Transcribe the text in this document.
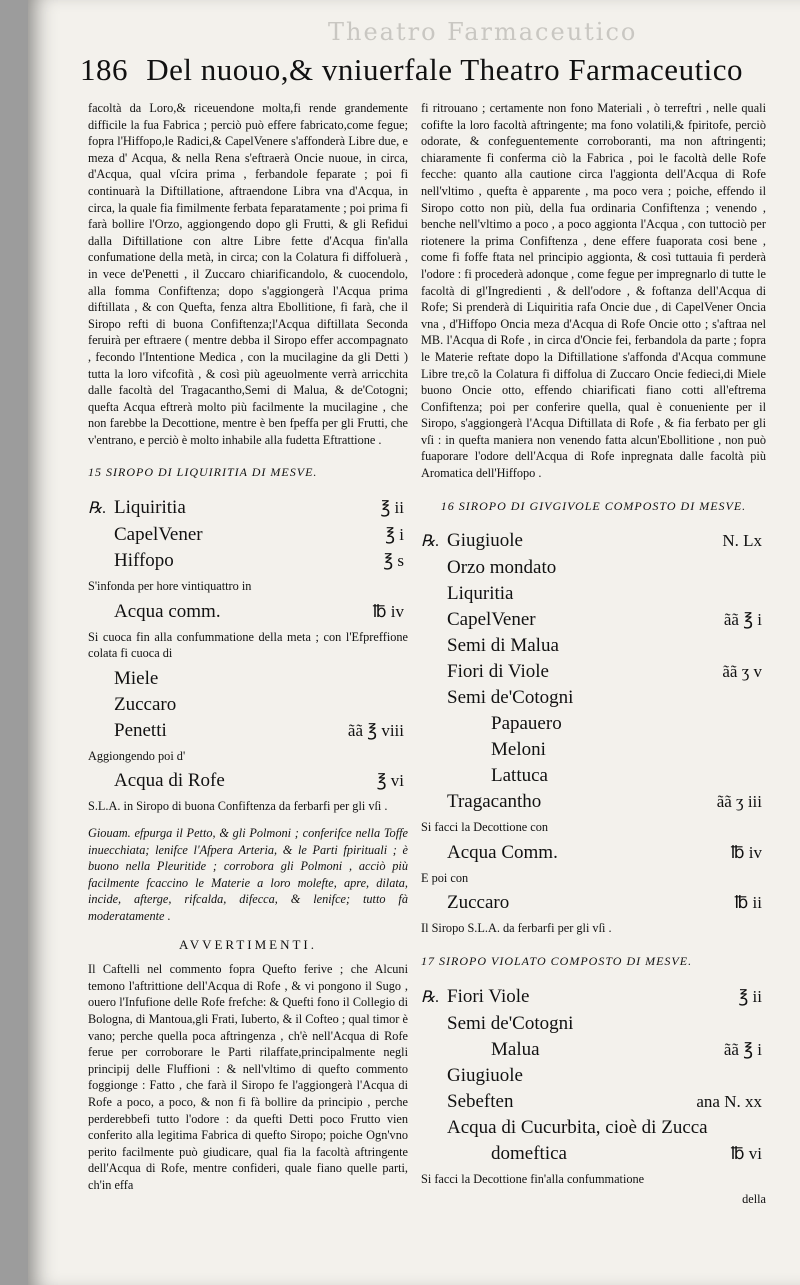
Theatro Farmaceutico
186 Del nuouo,& vniuerfale Theatro Farmaceutico

facoltà da Loro,& riceuendone molta,fi rende grandemente difficile la fua Fabrica ; perciò può effere fabricato,come fegue; fopra l'Hiffopo,le Radici,& CapelVenere s'affonderà Libre due, e meza d' Acqua, & nella Rena s'eftraerà Oncie nuoue, in circa, d'Acqua, qual vſcira prima , ferbandole feparate ; poi fi continuarà la Diftillatione, aftraendone Libra vna d'Acqua, in circa, la quale fia fimilmente ferbata feparatamente ; poi prima fi farà bollire l'Orzo, aggiongendo dopo gli Frutti, & gli Refidui dalla Diftillatione con altre Libre fette d'Acqua fin'alla confumatione della metà, in circa; con la Colatura fi diffoluerà , in vece de'Penetti , il Zuccaro chiarificandolo, & cuocendolo, alla fomma Confiftenza; dopo s'aggiongerà l'Acqua prima diftillata , & con Quefta, fenza altra Ebollitione, fi farà, che il Siropo refti di buona Confiftenza;l'Acqua diftillata Seconda feruirà per eftraere ( mentre debba il Siropo effer accompagnato , fecondo l'Intentione Medica , con la mucilagine da gli Detti ) tutta la loro vifcofità , & così più ageuolmente verrà arricchita dalle facoltà del Tragacantho,Semi di Malua, & de'Cotogni; quefta Acqua eftrerà molto più facilmente la mucilagine , che non farebbe la Decottione, mentre è ben fpeffa per gli Frutti, che v'entrano, e perciò è molto inhabile alla fudetta Eftrattione .

15 SIROPO DI LIQUIRITIA DI MESVE.
℞. Liquiritia	℥ ii
CapelVener	℥ i
Hiffopo	℥ s
S'infonda per hore vintiquattro in
Acqua comm.	℔ iv
Si cuoca fin alla confummatione della meta ; con l'Efpreffione colata fi cuoca di
Miele
Zuccaro
Penetti	ãã ℥ viii
Aggiongendo poi d'
Acqua di Rofe	℥ vi
S.L.A. in Siropo di buona Confiftenza da ferbarfi per gli vſi .

Giouam. efpurga il Petto, & gli Polmoni ; conferifce nella Toffe inuecchiata; lenifce l'Afpera Arteria, & le Parti fpirituali ; è buono nella Pleuritide ; corrobora gli Polmoni , acciò più facilmente fcaccino le Materie a loro molefte, apre, dilata, incide, afterge, rifcalda, difecca, & lenifce; tutto fà moderatamente .

AVVERTIMENTI.

Il Caftelli nel commento fopra Quefto ferive ; che Alcuni temono l'aftrittione dell'Acqua di Rofe , & vi pongono il Sugo , ouero l'Infufione delle Rofe frefche: & Quefti fono il Collegio di Bologna, di Mantoua,gli Frati, Iuberto, & il Cofteo ; qual timor è vano; perche quella poca aftringenza , ch'è nell'Acqua di Rofe ferue per corroborare le Parti rilaffate,principalmente negli principij delle Fluffioni : & nell'vltimo di quefto commento foggionge : Fatto , che farà il Siropo fe l'aggiongerà l'Acqua di Rofe a poco, a poco, & non fi fà bollire da principio , perche perderebbefi tutto l'odore : da quefti Detti poco Frutto vien conferito alla legitima Fabrica di quefto Siropo; poiche Ogn'vno perito facilmente può giudicare, qual fia la facoltà aftringente dell'Acqua di Rofe, mentre confideri, quale fiano quelle parti, ch'in effa

fi ritrouano ; certamente non fono Materiali , ò terreftri , nelle quali cofifte la loro facoltà aftringente; ma fono volatili,& fpiritofe, perciò odorate, & confeguentemente corroboranti, ma non aftringenti; chiaramente fi conferma ciò la Fabrica , poi le facoltà delle Rofe fecche: quanto alla cautione circa l'aggionta dell'Acqua di Rofe nell'vltimo , quefta è apparente , ma poco vera ; poiche, effendo il Siropo cotto non più, della fua ordinaria Confiftenza ; venendo , benche nell'vltimo a poco , a poco aggionta l'Acqua , con tuttociò per riotenere la prima Confiftenza , dene effere fuaporata cosi bene , come fi foffe ftata nel principio aggionta, & così tuttauia fi perderà l'odore : fi procederà adonque , come fegue per impregnarlo di tutte le facoltà di gl'Ingredienti , & dell'odore , & foftanza dell'Acqua di Rofe; Si prenderà di Liquiritia rafa Oncie due , di CapelVener Oncia vna , d'Hiffopo Oncia meza d'Acqua di Rofe Oncie otto ; s'aftraa nel MB. l'Acqua di Rofe , in circa d'Oncie fei, ferbandola da parte ; fopra le Materie reftate dopo la Diftillatione s'affonda d'Acqua commune Libre tre,cõ la Colatura fi diffolua di Zuccaro Oncie fedieci,di Miele buono Oncie otto, effendo chiarificati fiano cotti all'eftrema Confiftenza; poi per conferire quella, qual è conueniente per il Siropo, s'aggiongerà l'Acqua Diftillata di Rofe , & fia ferbato per gli vſi : in quefta maniera non venendo fatta alcun'Ebollitione , non può fuaporare l'odore dell'Acqua di Rofe inpregnata dalle facoltà più Aromatica dell'Hiffopo .

16 SIROPO DI GIVGIVOLE COMPOSTO DI MESVE.
℞. Giugiuole	N. Lx
Orzo mondato
Liquritia
CapelVener	ãã ℥ i
Semi di Malua
Fiori di Viole	ãã ʒ v
Semi de'Cotogni
Papauero
Meloni
Lattuca
Tragacantho	ãã ʒ iii
Si facci la Decottione con
Acqua Comm.	℔ iv
E poi con
Zuccaro	℔ ii
Il Siropo S.L.A. da ferbarfi per gli vſi .
17 SIROPO VIOLATO COMPOSTO DI MESVE.
℞. Fiori Viole	℥ ii
Semi de'Cotogni
Malua	ãã ℥ i
Giugiuole
Sebeften	ana N. xx
Acqua di Cucurbita, cioè di Zucca
domeftica	℔ vi
Si facci la Decottione fin'alla confummatione
della
